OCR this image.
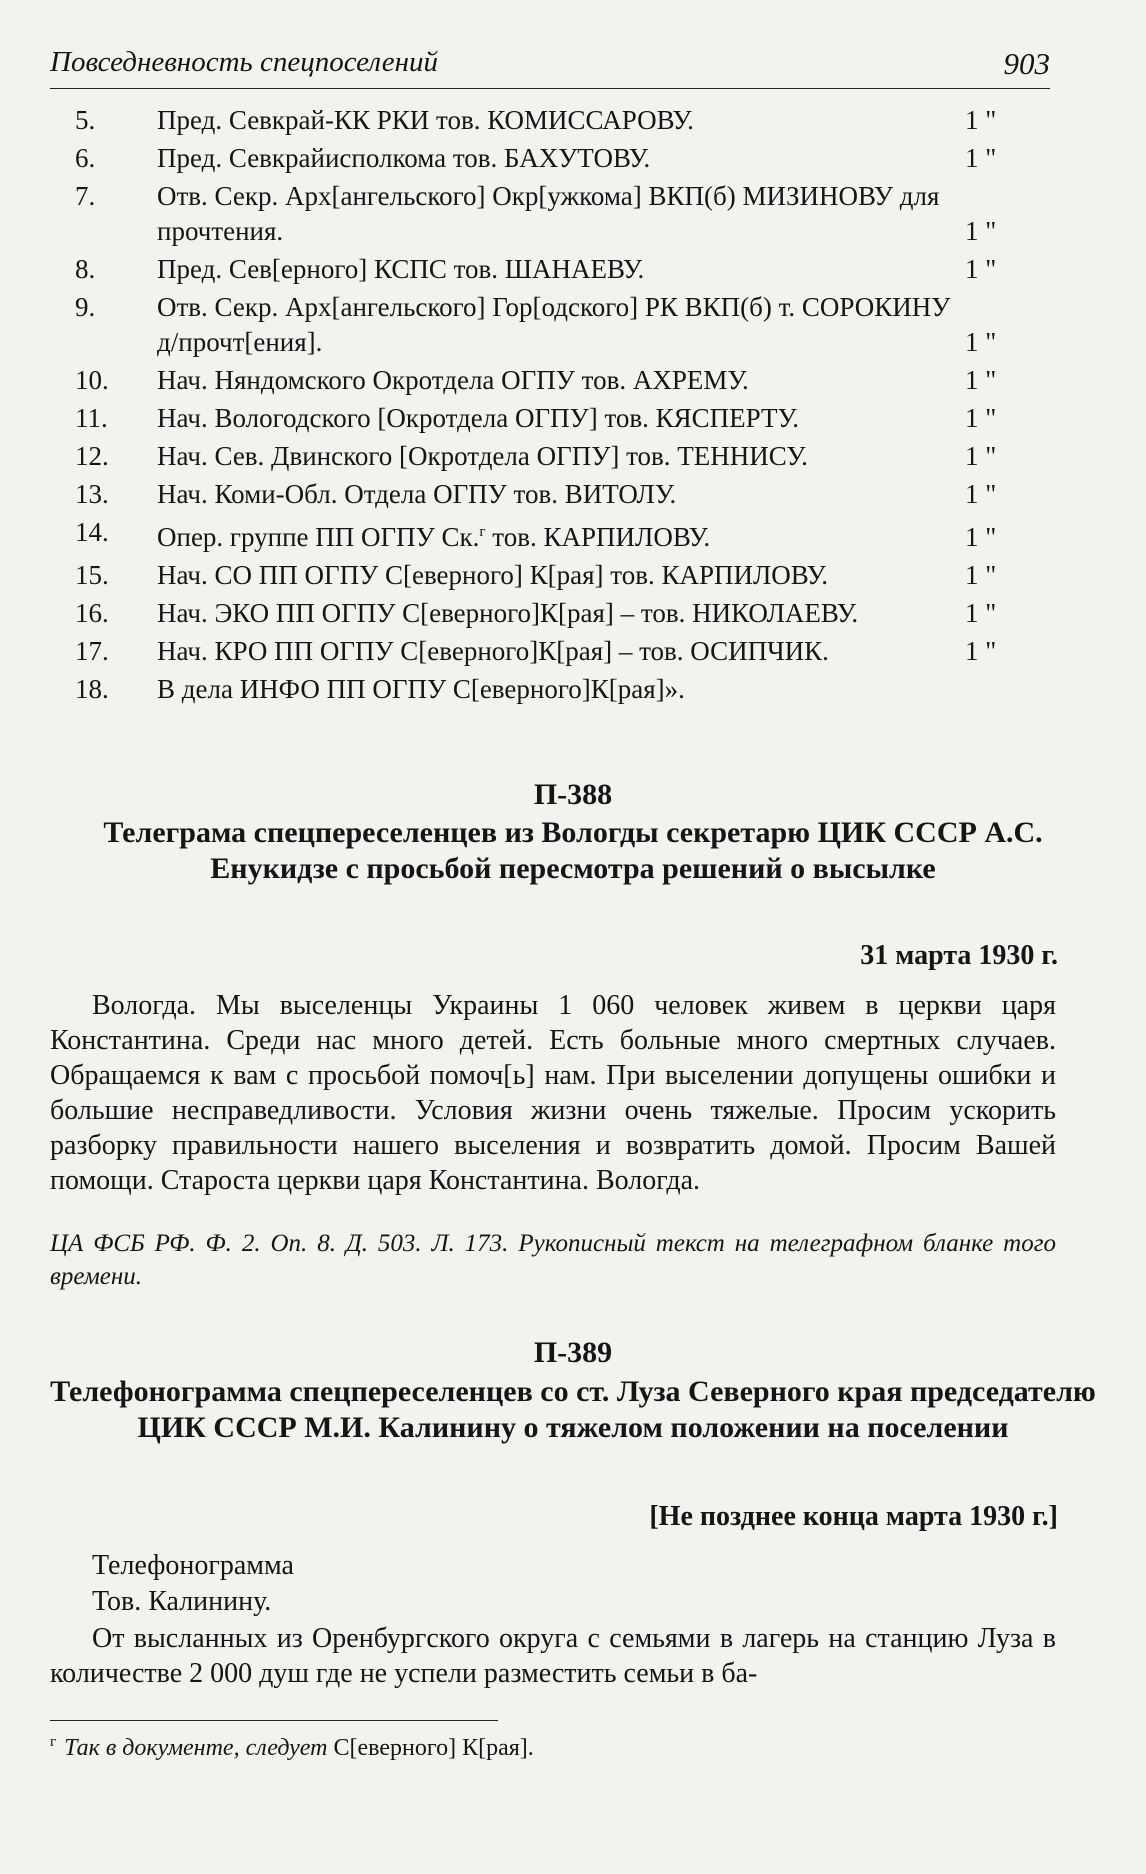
Повседневность спецпоселений	903
5.	Пред. Севкрай-КК РКИ тов. КОМИССАРОВУ.	1 "
6.	Пред. Севкрайисполкома тов. БАХУТОВУ.	1 "
7.	Отв. Секр. Арх[ангельского] Окр[ужкома] ВКП(б) МИЗИНОВУ для прочтения.	1 "
8.	Пред. Сев[ерного] КСПС тов. ШАНАЕВУ.	1 "
9.	Отв. Секр. Арх[ангельского] Гор[одского] РК ВКП(б) т. СОРОКИНУ д/прочт[ения].	1 "
10.	Нач. Няндомского Окротдела ОГПУ тов. АХРЕМУ.	1 "
11.	Нач. Вологодского [Окротдела ОГПУ] тов. КЯСПЕРТУ.	1 "
12.	Нач. Сев. Двинского [Окротдела ОГПУ] тов. ТЕННИСУ.	1 "
13.	Нач. Коми-Обл. Отдела ОГПУ тов. ВИТОЛУ.	1 "
14.	Опер. группе ПП ОГПУ Ск.$^г$ тов. КАРПИЛОВУ.	1 "
15.	Нач. СО ПП ОГПУ С[еверного] К[рая] тов. КАРПИЛОВУ.	1 "
16.	Нач. ЭКО ПП ОГПУ С[еверного]К[рая] – тов. НИКОЛАЕВУ.	1 "
17.	Нач. КРО ПП ОГПУ С[еверного]К[рая] – тов. ОСИПЧИК.	1 "
18.	В дела ИНФО ПП ОГПУ С[еверного]К[рая]».
П-388
Телеграма спецпереселенцев из Вологды секретарю ЦИК СССР А.С. Енукидзе с просьбой пересмотра решений о высылке
31 марта 1930 г.
Вологда. Мы выселенцы Украины 1 060 человек живем в церкви царя Константина. Среди нас много детей. Есть больные много смертных случаев. Обращаемся к вам с просьбой помоч[ь] нам. При выселении допущены ошибки и большие несправедливости. Условия жизни очень тяжелые. Просим ускорить разборку правильности нашего выселения и возвратить домой. Просим Вашей помощи. Староста церкви царя Константина. Вологда.
ЦА ФСБ РФ. Ф. 2. Оп. 8. Д. 503. Л. 173. Рукописный текст на телеграфном бланке того времени.
П-389
Телефонограмма спецпереселенцев со ст. Луза Северного края председателю ЦИК СССР М.И. Калинину о тяжелом положении на поселении
[Не позднее конца марта 1930 г.]
Телефонограмма
Тов. Калинину.
От высланных из Оренбургского округа с семьями в лагерь на станцию Луза в количестве 2 000 душ где не успели разместить семьи в ба-
$^г$ Так в документе, следует С[еверного] К[рая].
